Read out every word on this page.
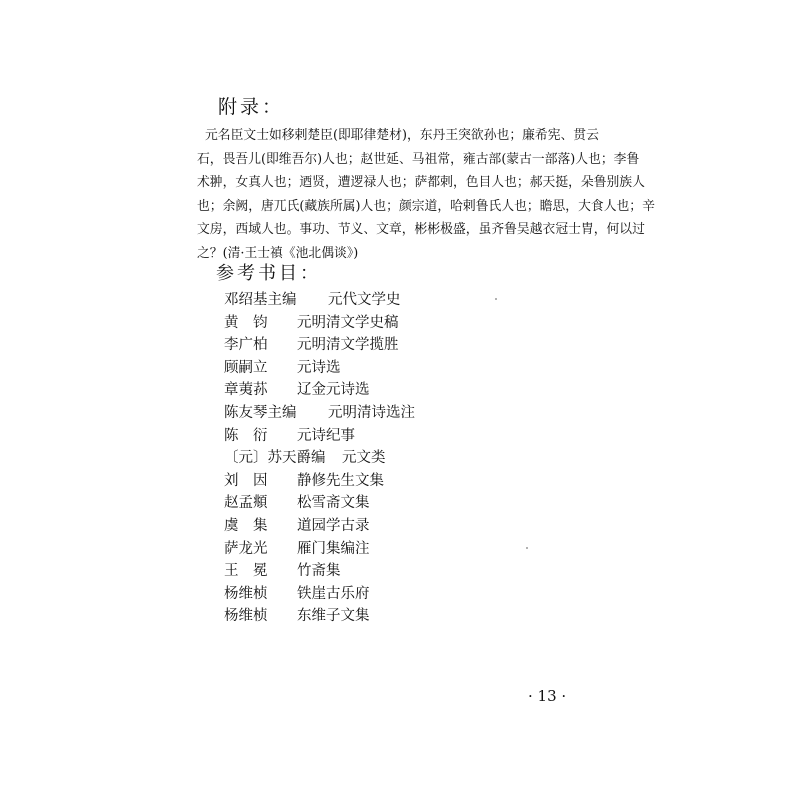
附录：
元名臣文士如移剌楚臣(即耶律楚材)，东丹王突欲孙也；廉希宪、贯云
石，畏吾儿(即维吾尔)人也；赵世延、马祖常，雍古部(蒙古一部落)人也；李鲁
术翀，女真人也；迺贤，遭逻禄人也；萨都剌，色目人也；郝天挺，朵鲁别族人
也；余阙，唐兀氏(藏族所属)人也；颜宗道，哈剌鲁氏人也；瞻思，大食人也；辛
文房，西域人也。事功、节义、文章，彬彬极盛，虽齐鲁吴越衣冠士胄，何以过
之？(清·王士禛《池北偶谈》)
参考书目：
邓绍基主编 元代文学史
黄　钧 元明清文学史稿
李广柏 元明清文学揽胜
顾嗣立 元诗选
章荑荪 辽金元诗选
陈友琴主编 元明清诗选注
陈　衍 元诗纪事
〔元〕苏天爵编 元文类
刘　因 静修先生文集
赵孟頫 松雪斋文集
虞　集 道园学古录
萨龙光 雁门集编注
王　冕 竹斋集
杨维桢 铁崖古乐府
杨维桢 东维子文集
· 13 ·
